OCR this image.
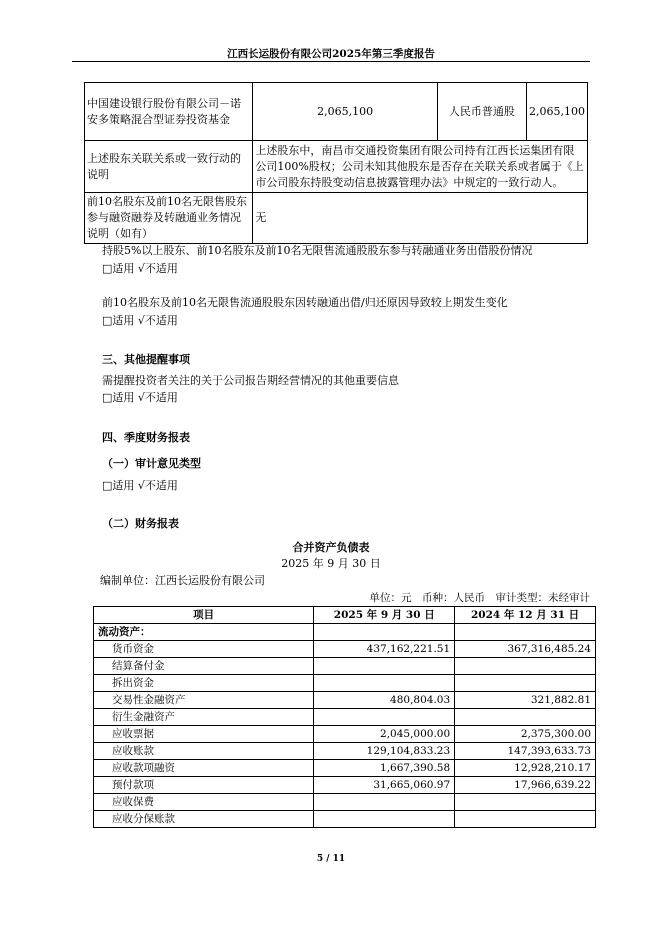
江西长运股份有限公司2025年第三季度报告
中国建设银行股份有限公司－诺安多策略混合型证券投资基金	2,065,100	人民币普通股	2,065,100
上述股东关联关系或一致行动的说明	上述股东中，南昌市交通投资集团有限公司持有江西长运集团有限公司100%股权；公司未知其他股东是否存在关联关系或者属于《上市公司股东持股变动信息披露管理办法》中规定的一致行动人。		
前10名股东及前10名无限售股东参与融资融券及转融通业务情况说明（如有）	无		
持股5%以上股东、前10名股东及前10名无限售流通股股东参与转融通业务出借股份情况
□适用 √不适用
前10名股东及前10名无限售流通股股东因转融通出借/归还原因导致较上期发生变化
□适用 √不适用
三、其他提醒事项
需提醒投资者关注的关于公司报告期经营情况的其他重要信息
□适用 √不适用
四、季度财务报表
（一）审计意见类型
□适用 √不适用
（二）财务报表
合并资产负债表
2025 年 9 月 30 日
编制单位：江西长运股份有限公司
单位：元　币种：人民币　审计类型：未经审计
项目	2025 年 9 月 30 日	2024 年 12 月 31 日
流动资产：		
货币资金	437,162,221.51	367,316,485.24
结算备付金		
拆出资金		
交易性金融资产	480,804.03	321,882.81
衍生金融资产		
应收票据	2,045,000.00	2,375,300.00
应收账款	129,104,833.23	147,393,633.73
应收款项融资	1,667,390.58	12,928,210.17
预付款项	31,665,060.97	17,966,639.22
应收保费		
应收分保账款		
5 / 11
